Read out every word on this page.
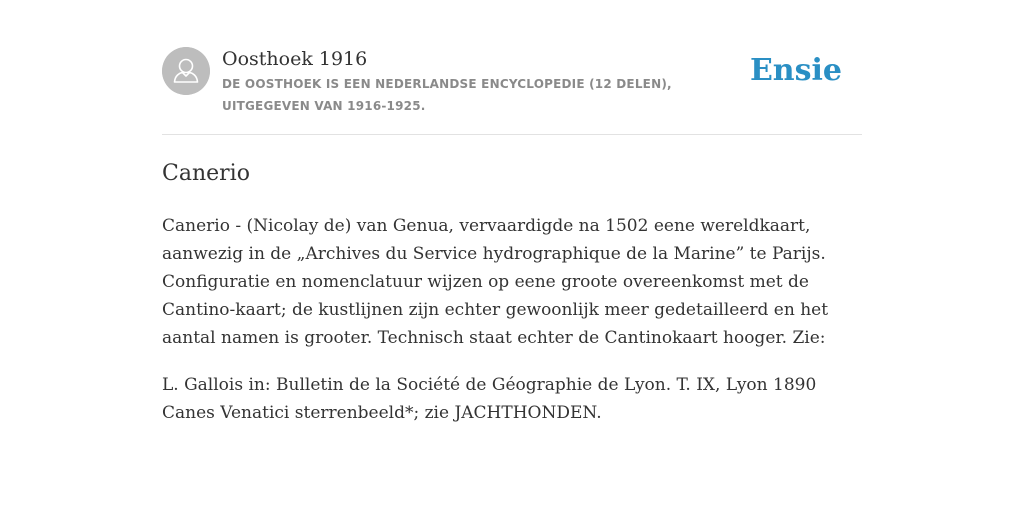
Oosthoek 1916
DE OOSTHOEK IS EEN NEDERLANDSE ENCYCLOPEDIE (12 DELEN), UITGEGEVEN VAN 1916-1925.
Ensie
Canerio

Canerio - (Nicolay de) van Genua, vervaardigde na 1502 eene wereldkaart,
aanwezig in de „Archives du Service hydrographique de la Marine” te Parijs.
Configuratie en nomenclatuur wijzen op eene groote overeenkomst met de
Cantino-kaart; de kustlijnen zijn echter gewoonlijk meer gedetailleerd en het
aantal namen is grooter. Technisch staat echter de Cantinokaart hooger. Zie:

L. Gallois in: Bulletin de la Société de Géographie de Lyon. T. IX, Lyon 1890
Canes Venatici sterrenbeeld*; zie JACHTHONDEN.
